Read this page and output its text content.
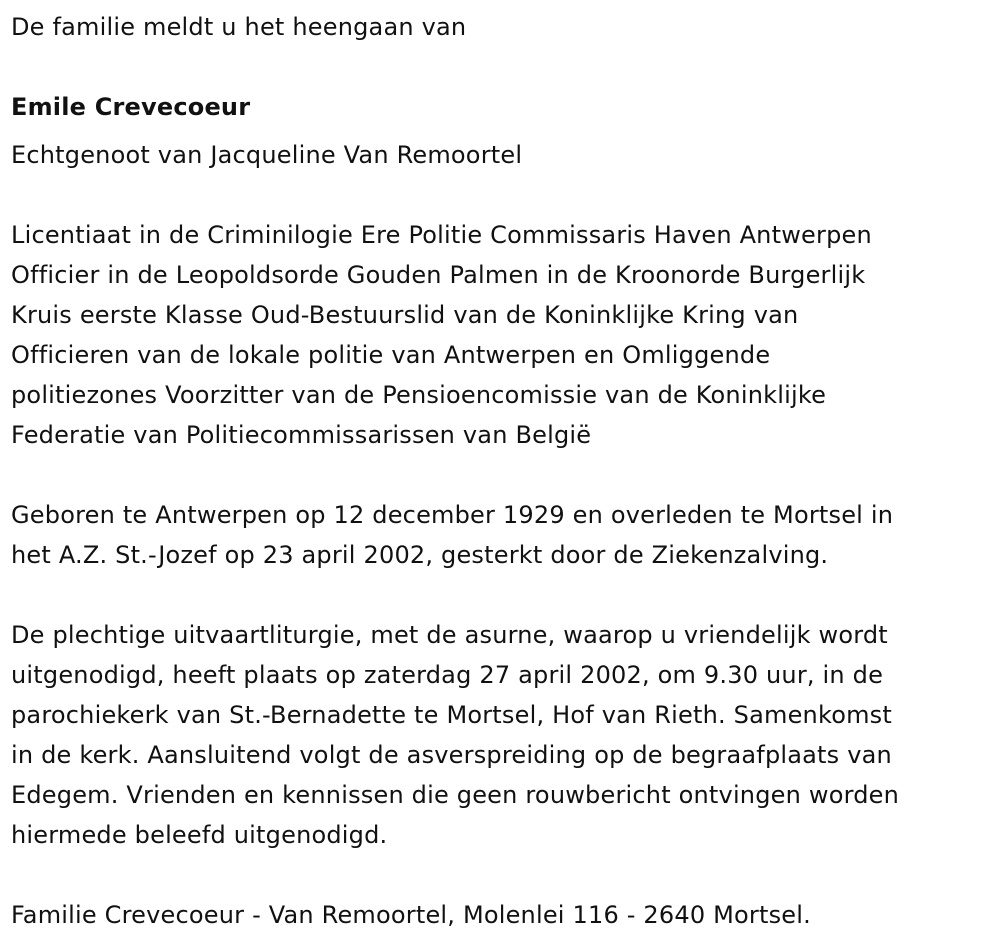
De familie meldt u het heengaan van

Emile Crevecoeur

Echtgenoot van Jacqueline Van Remoortel

Licentiaat in de Criminilogie Ere Politie Commissaris Haven Antwerpen

Officier in de Leopoldsorde Gouden Palmen in de Kroonorde Burgerlijk

Kruis eerste Klasse Oud-Bestuurslid van de Koninklijke Kring van

Officieren van de lokale politie van Antwerpen en Omliggende

politiezones Voorzitter van de Pensioencomissie van de Koninklijke

Federatie van Politiecommissarissen van België

Geboren te Antwerpen op 12 december 1929 en overleden te Mortsel in

het A.Z. St.-Jozef op 23 april 2002, gesterkt door de Ziekenzalving.

De plechtige uitvaartliturgie, met de asurne, waarop u vriendelijk wordt

uitgenodigd, heeft plaats op zaterdag 27 april 2002, om 9.30 uur, in de

parochiekerk van St.-Bernadette te Mortsel, Hof van Rieth. Samenkomst

in de kerk. Aansluitend volgt de asverspreiding op de begraafplaats van

Edegem. Vrienden en kennissen die geen rouwbericht ontvingen worden

hiermede beleefd uitgenodigd.

Familie Crevecoeur - Van Remoortel, Molenlei 116 - 2640 Mortsel.
